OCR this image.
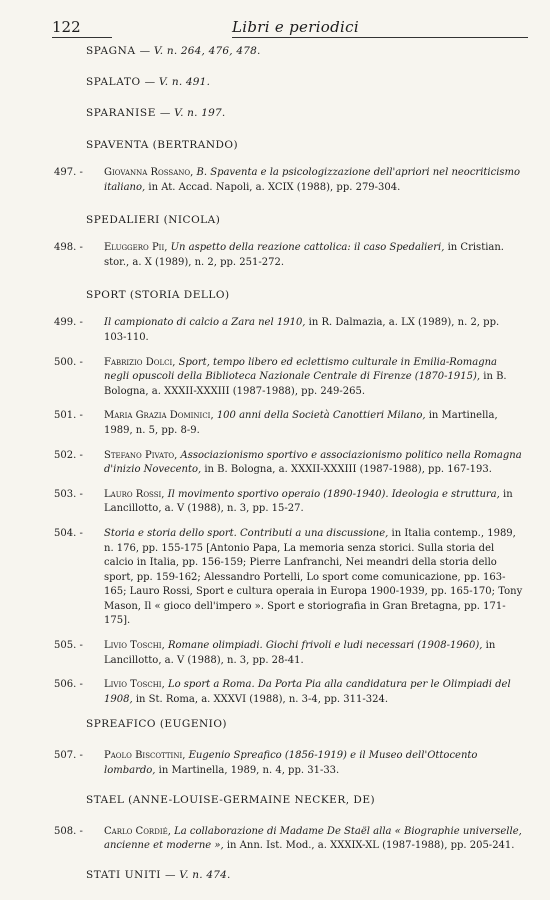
122	Libri e periodici
SPAGNA — V. n. 264, 476, 478.
SPALATO — V. n. 491.
SPARANISE — V. n. 197.
SPAVENTA (BERTRANDO)
497. -	Giovanna Rossano, B. Spaventa e la psicologizzazione dell'apriori nel neocriticismo italiano, in At. Accad. Napoli, a. XCIX (1988), pp. 279-304.
SPEDALIERI (NICOLA)
498. -	Eluggero Pii, Un aspetto della reazione cattolica: il caso Spedalieri, in Cristian. stor., a. X (1989), n. 2, pp. 251-272.
SPORT (STORIA DELLO)
499. -	Il campionato di calcio a Zara nel 1910, in R. Dalmazia, a. LX (1989), n. 2, pp. 103-110.
500. -	Fabrizio Dolci, Sport, tempo libero ed eclettismo culturale in Emilia-Romagna negli opuscoli della Biblioteca Nazionale Centrale di Firenze (1870-1915), in B. Bologna, a. XXXII-XXXIII (1987-1988), pp. 249-265.
501. -	Maria Grazia Dominici, 100 anni della Società Canottieri Milano, in Martinella, 1989, n. 5, pp. 8-9.
502. -	Stefano Pivato, Associazionismo sportivo e associazionismo politico nella Romagna d'inizio Novecento, in B. Bologna, a. XXXII-XXXIII (1987-1988), pp. 167-193.
503. -	Lauro Rossi, Il movimento sportivo operaio (1890-1940). Ideologia e struttura, in Lancillotto, a. V (1988), n. 3, pp. 15-27.
504. -	Storia e storia dello sport. Contributi a una discussione, in Italia contemp., 1989, n. 176, pp. 155-175 [Antonio Papa, La memoria senza storici. Sulla storia del calcio in Italia, pp. 156-159; Pierre Lanfranchi, Nei meandri della storia dello sport, pp. 159-162; Alessandro Portelli, Lo sport come comunicazione, pp. 163-165; Lauro Rossi, Sport e cultura operaia in Europa 1900-1939, pp. 165-170; Tony Mason, Il « gioco dell'impero ». Sport e storiografia in Gran Bretagna, pp. 171-175].
505. -	Livio Toschi, Romane olimpiadi. Giochi frivoli e ludi necessari (1908-1960), in Lancillotto, a. V (1988), n. 3, pp. 28-41.
506. -	Livio Toschi, Lo sport a Roma. Da Porta Pia alla candidatura per le Olimpiadi del 1908, in St. Roma, a. XXXVI (1988), n. 3-4, pp. 311-324.
SPREAFICO (EUGENIO)
507. -	Paolo Biscottini, Eugenio Spreafico (1856-1919) e il Museo dell'Ottocento lombardo, in Martinella, 1989, n. 4, pp. 31-33.
STAEL (ANNE-LOUISE-GERMAINE NECKER, DE)
508. -	Carlo Cordié, La collaborazione di Madame De Staël alla « Biographie universelle, ancienne et moderne », in Ann. Ist. Mod., a. XXXIX-XL (1987-1988), pp. 205-241.
STATI UNITI — V. n. 474.
